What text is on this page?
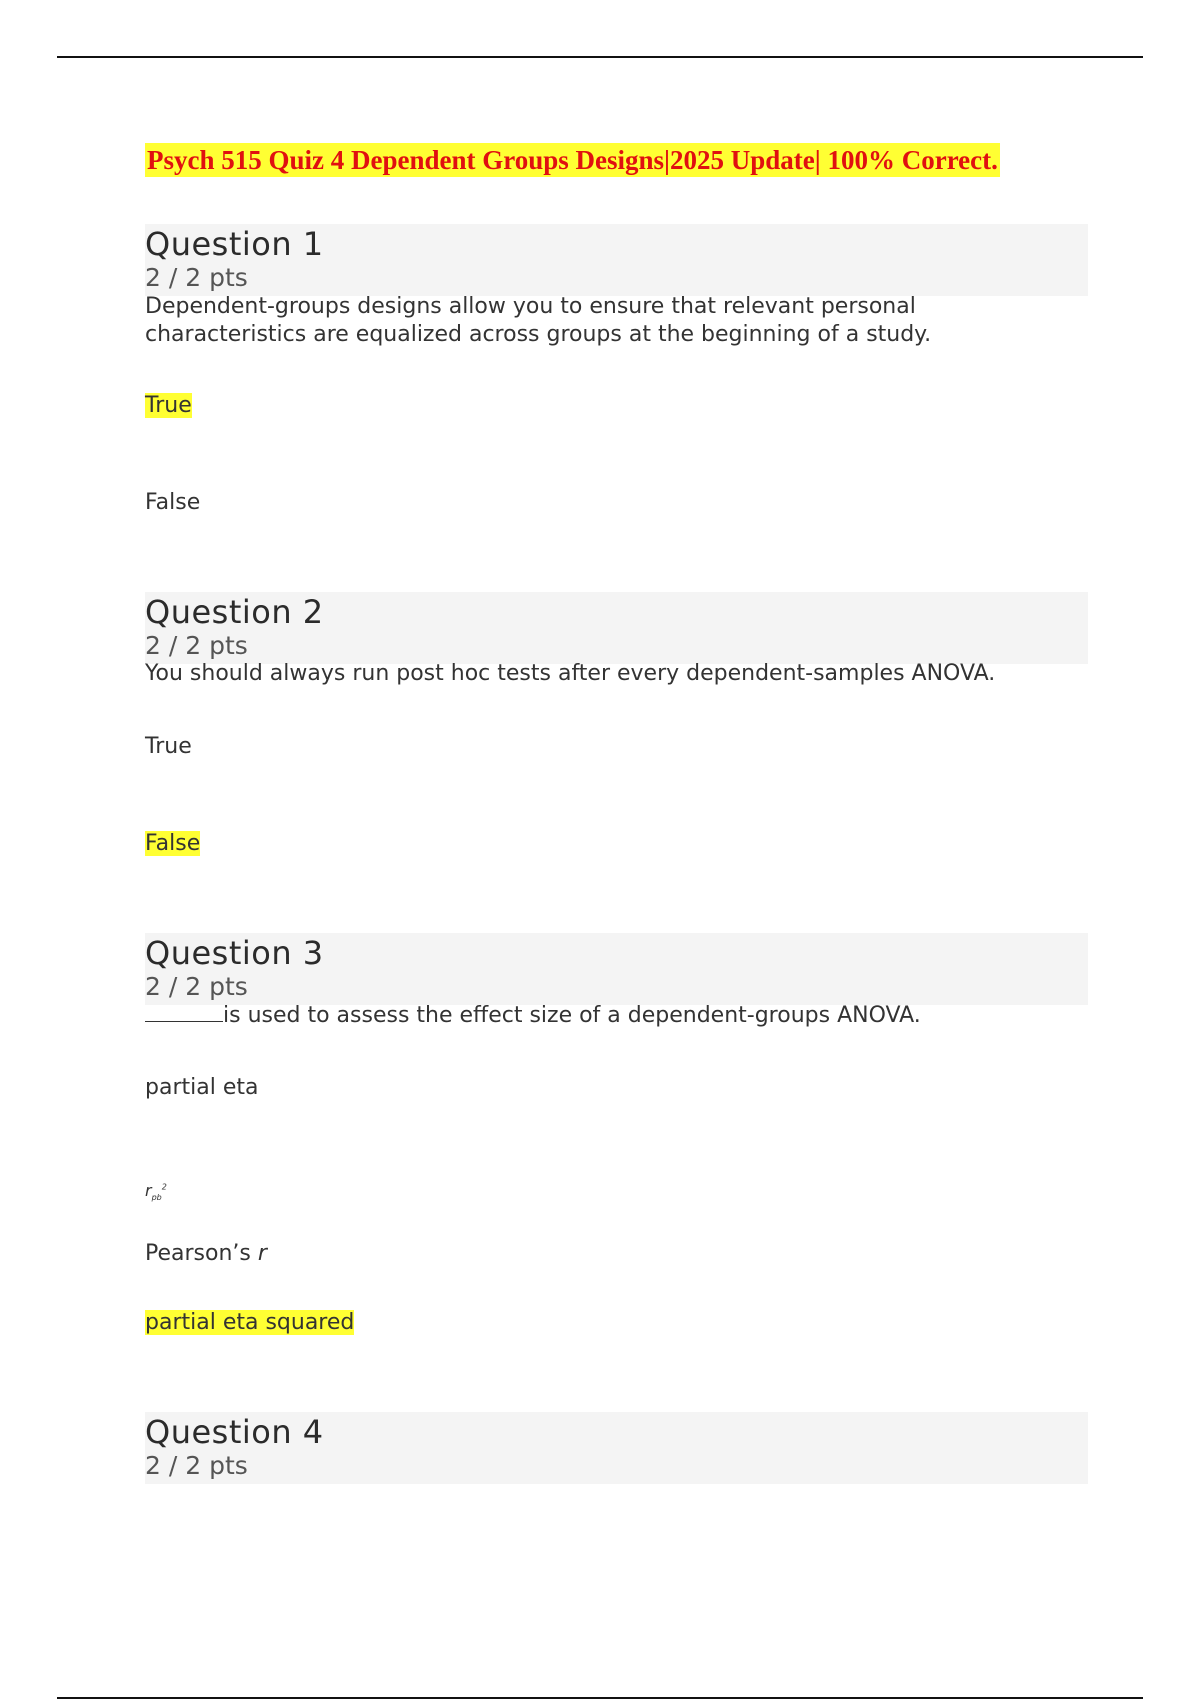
Psych 515 Quiz 4 Dependent Groups Designs|2025 Update| 100% Correct.
Question 1
2 / 2 pts
Dependent-groups designs allow you to ensure that relevant personal characteristics are equalized across groups at the beginning of a study.
True
False
Question 2
2 / 2 pts
You should always run post hoc tests after every dependent-samples ANOVA.
True
False
Question 3
2 / 2 pts
is used to assess the effect size of a dependent-groups ANOVA.
partial eta
$r_{pb}^2$
Pearson’s r
partial eta squared
Question 4
2 / 2 pts
